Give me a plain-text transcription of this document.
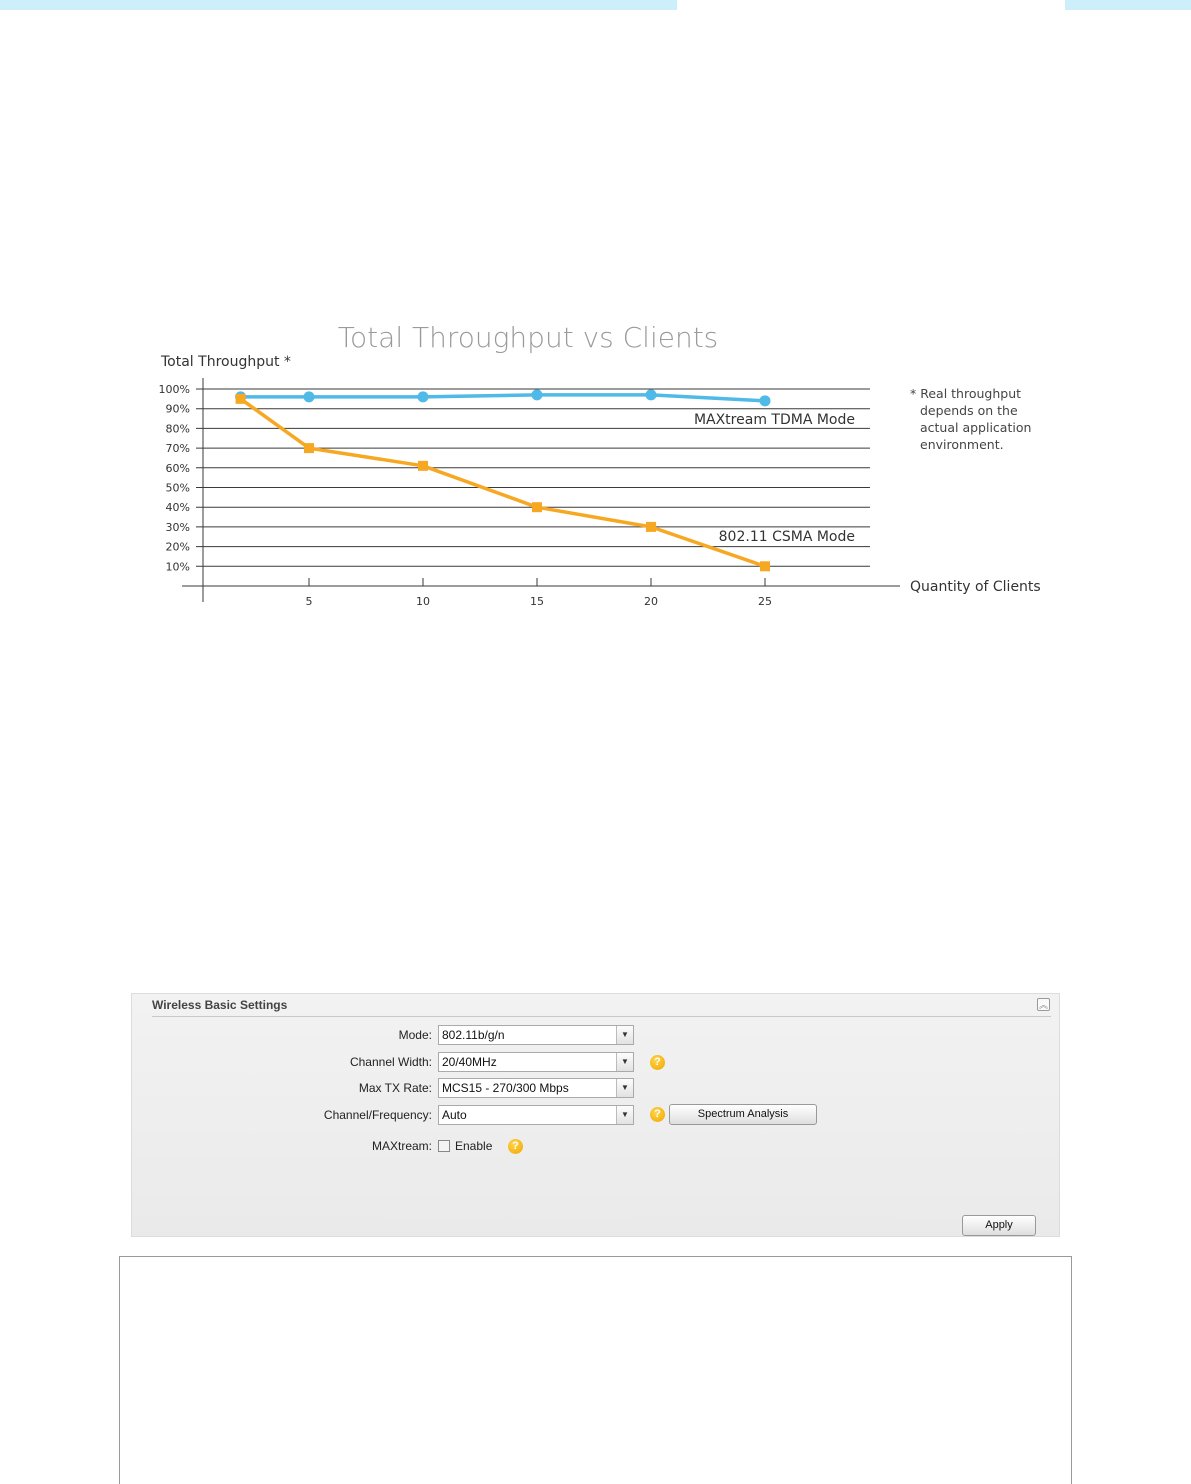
10%
20%
30%
40%
50%
60%
70%
80%
90%
100%
5	10	15	20	25
Total Throughput vs Clients
Total Throughput *
Quantity of Clients
MAXtream TDMA Mode
802.11 CSMA Mode
* Real throughput
depends on the
actual application
environment.
Wireless Basic Settings	︽
Mode: 802.11b/g/n	▼
Channel Width: 20/40MHz	▼	?
Max TX Rate: MCS15 - 270/300 Mbps	▼
Channel/Frequency: Auto	▼	?	Spectrum Analysis
MAXtream: Enable	?
Apply
